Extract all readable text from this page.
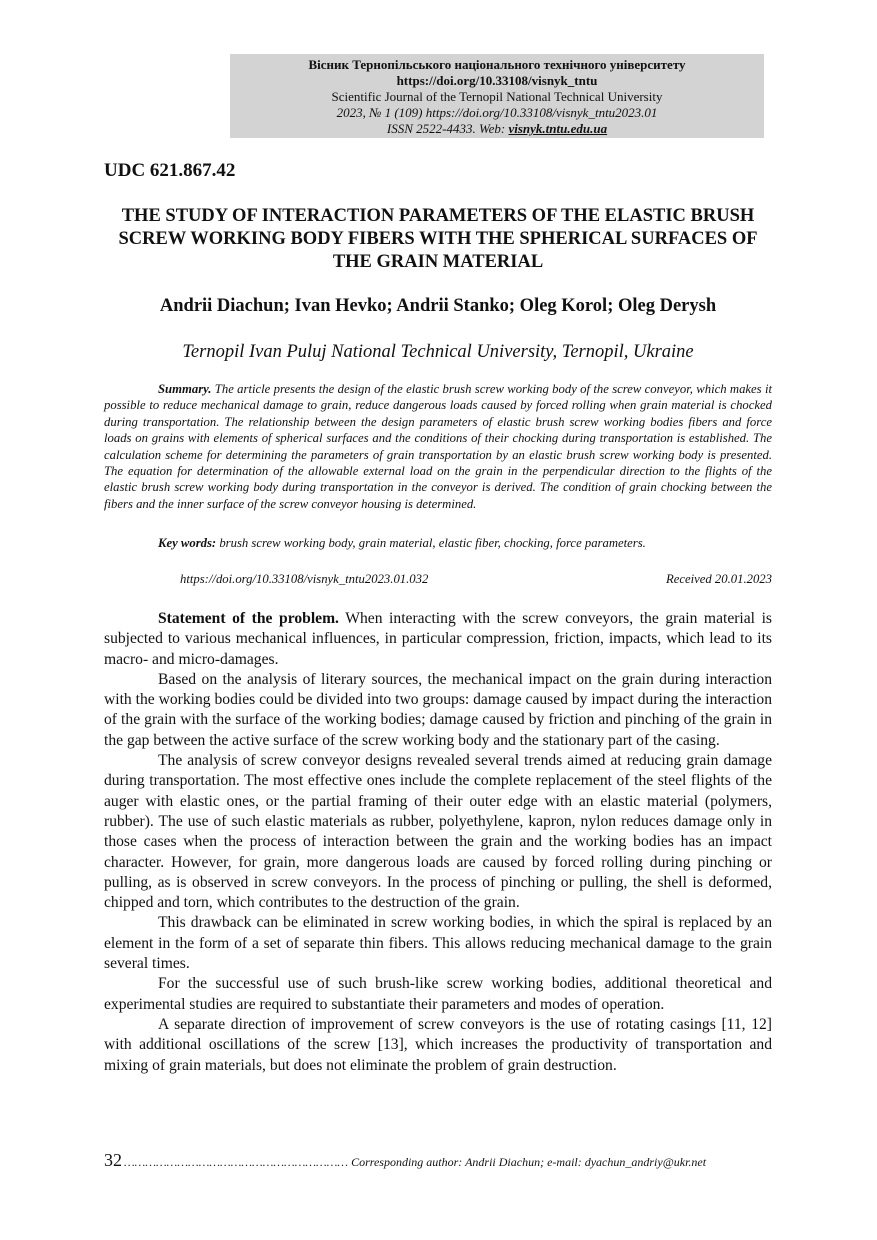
Вісник Тернопільського національного технічного університету
https://doi.org/10.33108/visnyk_tntu
Scientific Journal of the Ternopil National Technical University
2023, № 1 (109) https://doi.org/10.33108/visnyk_tntu2023.01
ISSN 2522-4433. Web: visnyk.tntu.edu.ua
UDC 621.867.42
THE STUDY OF INTERACTION PARAMETERS OF THE ELASTIC BRUSH SCREW WORKING BODY FIBERS WITH THE SPHERICAL SURFACES OF THE GRAIN MATERIAL
Andrii Diachun; Ivan Hevko; Andrii Stanko; Oleg Korol; Oleg Derysh
Ternopil Ivan Puluj National Technical University, Ternopil, Ukraine

Summary. The article presents the design of the elastic brush screw working body of the screw conveyor, which makes it possible to reduce mechanical damage to grain, reduce dangerous loads caused by forced rolling when grain material is chocked during transportation. The relationship between the design parameters of elastic brush screw working bodies fibers and force loads on grains with elements of spherical surfaces and the conditions of their chocking during transportation is established. The calculation scheme for determining the parameters of grain transportation by an elastic brush screw working body is presented. The equation for determination of the allowable external load on the grain in the perpendicular direction to the flights of the elastic brush screw working body during transportation in the conveyor is derived. The condition of grain chocking between the fibers and the inner surface of the screw conveyor housing is determined.

Key words: brush screw working body, grain material, elastic fiber, chocking, force parameters.

https://doi.org/10.33108/visnyk_tntu2023.01.032	Received 20.01.2023

Statement of the problem. When interacting with the screw conveyors, the grain material is subjected to various mechanical influences, in particular compression, friction, impacts, which lead to its macro- and micro-damages.

Based on the analysis of literary sources, the mechanical impact on the grain during interaction with the working bodies could be divided into two groups: damage caused by impact during the interaction of the grain with the surface of the working bodies; damage caused by friction and pinching of the grain in the gap between the active surface of the screw working body and the stationary part of the casing.

The analysis of screw conveyor designs revealed several trends aimed at reducing grain damage during transportation. The most effective ones include the complete replacement of the steel flights of the auger with elastic ones, or the partial framing of their outer edge with an elastic material (polymers, rubber). The use of such elastic materials as rubber, polyethylene, kapron, nylon reduces damage only in those cases when the process of interaction between the grain and the working bodies has an impact character. However, for grain, more dangerous loads are caused by forced rolling during pinching or pulling, as is observed in screw conveyors. In the process of pinching or pulling, the shell is deformed, chipped and torn, which contributes to the destruction of the grain.

This drawback can be eliminated in screw working bodies, in which the spiral is replaced by an element in the form of a set of separate thin fibers. This allows reducing mechanical damage to the grain several times.

For the successful use of such brush-like screw working bodies, additional theoretical and experimental studies are required to substantiate their parameters and modes of operation.

A separate direction of improvement of screw conveyors is the use of rotating casings [11, 12] with additional oscillations of the screw [13], which increases the productivity of transportation and mixing of grain materials, but does not eliminate the problem of grain destruction.

32 ……………………………………………………… Corresponding author: Andrii Diachun; e-mail: dyachun_andriy@ukr.net
